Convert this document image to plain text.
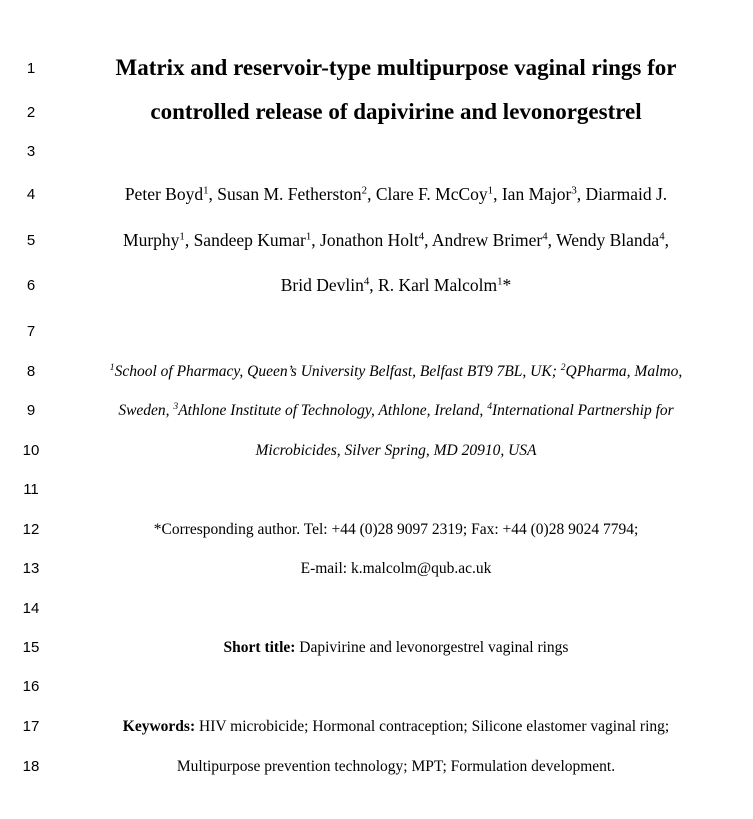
1
2
3
4
5
6
7
8
9
10
11
12
13
14
15
16
17
18
Matrix and reservoir-type multipurpose vaginal rings for
controlled release of dapivirine and levonorgestrel
Peter Boyd$^1$, Susan M. Fetherston$^2$, Clare F. McCoy$^1$, Ian Major$^3$, Diarmaid J.
Murphy$^1$, Sandeep Kumar$^1$, Jonathon Holt$^4$, Andrew Brimer$^4$, Wendy Blanda$^4$,
Brid Devlin$^4$, R. Karl Malcolm$^1$*
$^1$School of Pharmacy, Queen’s University Belfast, Belfast BT9 7BL, UK; $^2$QPharma, Malmo,
Sweden, $^3$Athlone Institute of Technology, Athlone, Ireland, $^4$International Partnership for
Microbicides, Silver Spring, MD 20910, USA
*Corresponding author. Tel: +44 (0)28 9097 2319; Fax: +44 (0)28 9024 7794;
E-mail: k.malcolm@qub.ac.uk
Short title: Dapivirine and levonorgestrel vaginal rings
Keywords: HIV microbicide; Hormonal contraception; Silicone elastomer vaginal ring;
Multipurpose prevention technology; MPT; Formulation development.
